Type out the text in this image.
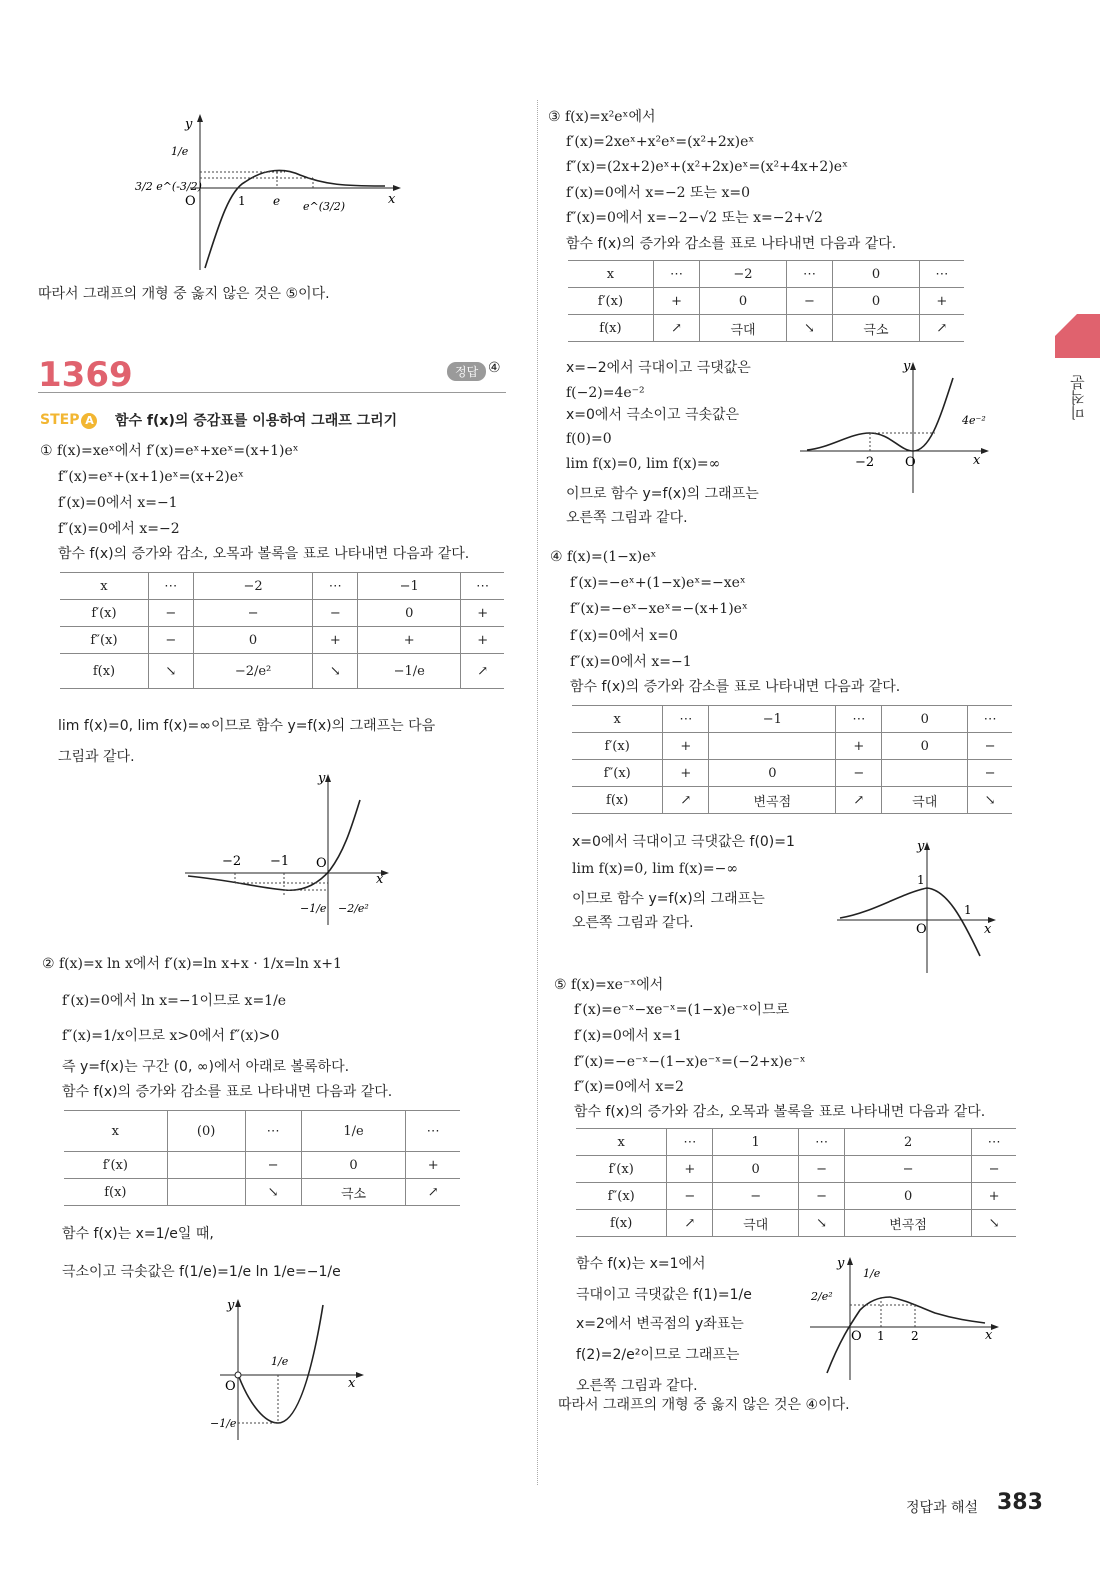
y
x
O	1 e e^(3/2)
1/e
3/2 e^(-3/2)
따라서 그래프의 개형 중 옳지 않은 것은 ⑤이다.
1369	정답 ④
STEP A 함수 f(x)의 증감표를 이용하여 그래프 그리기
① f(x)=xeˣ에서 f′(x)=eˣ+xeˣ=(x+1)eˣ
f″(x)=eˣ+(x+1)eˣ=(x+2)eˣ
f′(x)=0에서 x=−1
f″(x)=0에서 x=−2
함수 f(x)의 증가와 감소, 오목과 볼록을 표로 나타내면 다음과 같다.
x	⋯	−2	⋯	−1	⋯
f′(x)	−	−	−	0	+
f″(x)	−	0	+	+	+
f(x)	↘	−2/e²	↘	−1/e	↗
lim f(x)=0, lim f(x)=∞이므로 함수 y=f(x)의 그래프는 다음
그림과 같다.
y
x
O
−2 −1
−1/e −2/e²
② f(x)=x ln x에서 f′(x)=ln x+x · 1/x=ln x+1
f′(x)=0에서 ln x=−1이므로 x=1/e
f″(x)=1/x이므로 x>0에서 f″(x)>0
즉 y=f(x)는 구간 (0, ∞)에서 아래로 볼록하다.
함수 f(x)의 증가와 감소를 표로 나타내면 다음과 같다.
x	(0)	⋯	1/e	⋯
f′(x)		−	0	+
f(x)		↘	극소	↗
함수 f(x)는 x=1/e일 때,
극소이고 극솟값은 f(1/e)=1/e ln 1/e=−1/e
y
x
O
1/e
−1/e
③ f(x)=x²eˣ에서
f′(x)=2xeˣ+x²eˣ=(x²+2x)eˣ
f″(x)=(2x+2)eˣ+(x²+2x)eˣ=(x²+4x+2)eˣ
f′(x)=0에서 x=−2 또는 x=0
f″(x)=0에서 x=−2−√2 또는 x=−2+√2
함수 f(x)의 증가와 감소를 표로 나타내면 다음과 같다.
x	⋯	−2	⋯	0	⋯
f′(x)	+	0	−	0	+
f(x)	↗	극대	↘	극소	↗
x=−2에서 극대이고 극댓값은
f(−2)=4e⁻²
x=0에서 극소이고 극솟값은
f(0)=0
lim f(x)=0, lim f(x)=∞
이므로 함수 y=f(x)의 그래프는
오른쪽 그림과 같다.
y
x
O
−2
4e⁻²
④ f(x)=(1−x)eˣ
f′(x)=−eˣ+(1−x)eˣ=−xeˣ
f″(x)=−eˣ−xeˣ=−(x+1)eˣ
f′(x)=0에서 x=0
f″(x)=0에서 x=−1
함수 f(x)의 증가와 감소를 표로 나타내면 다음과 같다.
x	⋯	−1	⋯	0	⋯
f′(x)	+		+	0	−
f″(x)	+	0	−		−
f(x)	↗	변곡점	↗	극대	↘
x=0에서 극대이고 극댓값은 f(0)=1
lim f(x)=0, lim f(x)=−∞
이므로 함수 y=f(x)의 그래프는
오른쪽 그림과 같다.
y
x
O
1
1
⑤ f(x)=xe⁻ˣ에서
f′(x)=e⁻ˣ−xe⁻ˣ=(1−x)e⁻ˣ이므로
f′(x)=0에서 x=1
f″(x)=−e⁻ˣ−(1−x)e⁻ˣ=(−2+x)e⁻ˣ
f″(x)=0에서 x=2
함수 f(x)의 증가와 감소, 오목과 볼록을 표로 나타내면 다음과 같다.
x	⋯	1	⋯	2	⋯
f′(x)	+	0	−	−	−
f″(x)	−	−	−	0	+
f(x)	↗	극대	↘	변곡점	↘
함수 f(x)는 x=1에서
극대이고 극댓값은 f(1)=1/e
x=2에서 변곡점의 y좌표는
f(2)=2/e²이므로 그래프는
오른쪽 그림과 같다.
y
x
O 1 2
1/e
2/e²
따라서 그래프의 개형 중 옳지 않은 것은 ④이다.
미적분
정답과 해설 383
